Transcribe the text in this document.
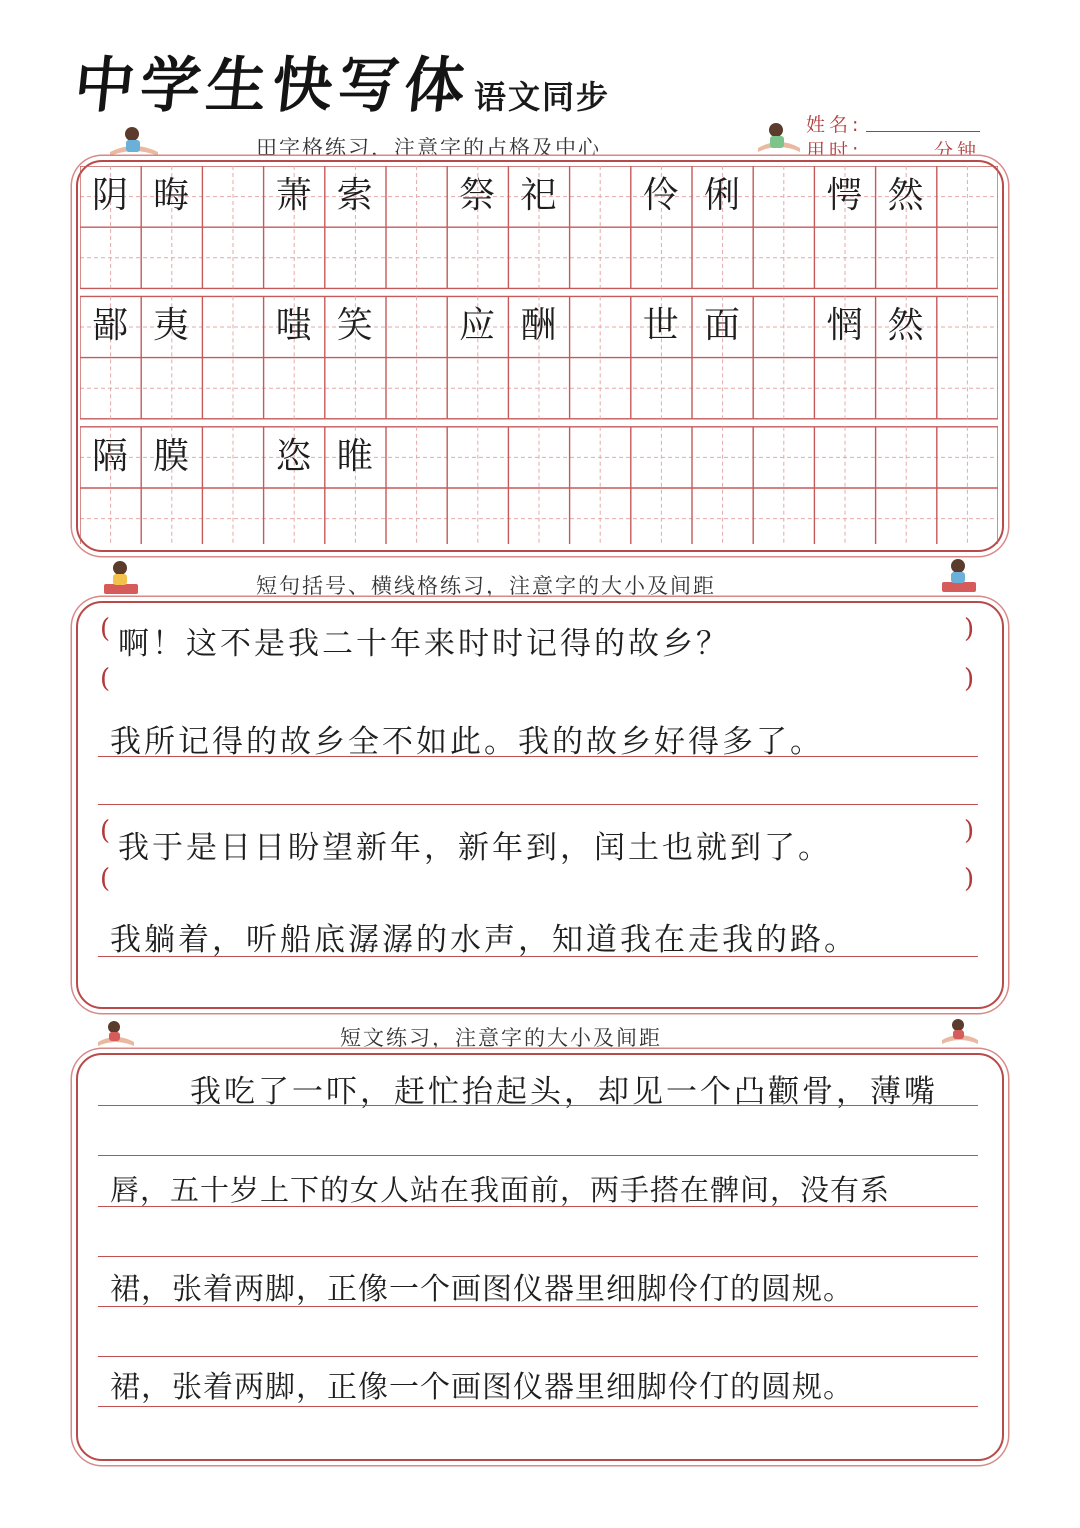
中学生快写体 语文同步
姓名:
用时:	分钟
田字格练习，注意字的占格及中心
阴 晦	萧 索	祭 祀	伶 俐	愕 然
鄙 夷	嗤 笑	应 酬	世 面	惘 然
隔 膜	恣 睢
短句括号、横线格练习，注意字的大小及间距
(	)
啊！这不是我二十年来时时记得的故乡？
(	)
我所记得的故乡全不如此。我的故乡好得多了。
(	)
我于是日日盼望新年，新年到，闰土也就到了。
(	)
我躺着，听船底潺潺的水声，知道我在走我的路。
短文练习，注意字的大小及间距
我吃了一吓，赶忙抬起头，却见一个凸颧骨，薄嘴
唇，五十岁上下的女人站在我面前，两手搭在髀间，没有系
裙，张着两脚，正像一个画图仪器里细脚伶仃的圆规。
裙，张着两脚，正像一个画图仪器里细脚伶仃的圆规。
